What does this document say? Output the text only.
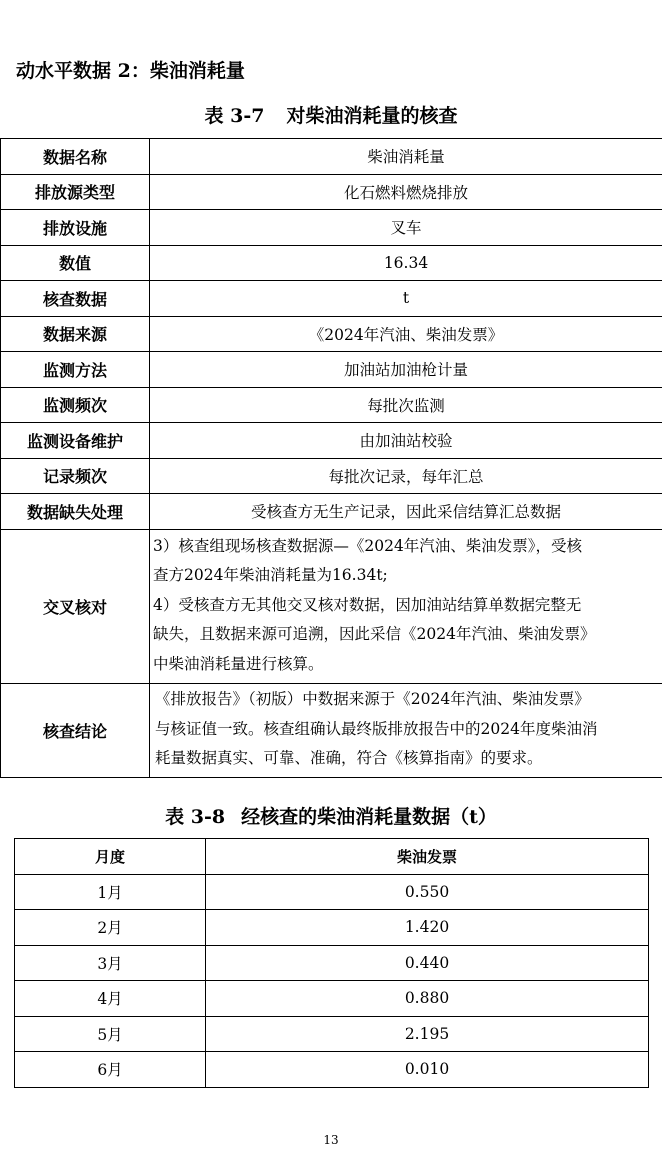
动水平数据 2：柴油消耗量
表 3-7 对柴油消耗量的核查
数据名称	柴油消耗量
排放源类型	化石燃料燃烧排放
排放设施	叉车
数值	16.34
核查数据	t
数据来源	《2024年汽油、柴油发票》
监测方法	加油站加油枪计量
监测频次	每批次监测
监测设备维护	由加油站校验
记录频次	每批次记录，每年汇总
数据缺失处理	受核查方无生产记录，因此采信结算汇总数据
交叉核对	3）核查组现场核查数据源—《2024年汽油、柴油发票》，受核
查方2024年柴油消耗量为16.34t;
4）受核查方无其他交叉核对数据，因加油站结算单数据完整无
缺失，且数据来源可追溯，因此采信《2024年汽油、柴油发票》
中柴油消耗量进行核算。

核查结论	《排放报告》（初版）中数据来源于《2024年汽油、柴油发票》
与核证值一致。核查组确认最终版排放报告中的2024年度柴油消
耗量数据真实、可靠、准确，符合《核算指南》的要求。
表 3-8 经核查的柴油消耗量数据（t）
月度	柴油发票
1月	0.550
2月	1.420
3月	0.440
4月	0.880
5月	2.195
6月	0.010
13
